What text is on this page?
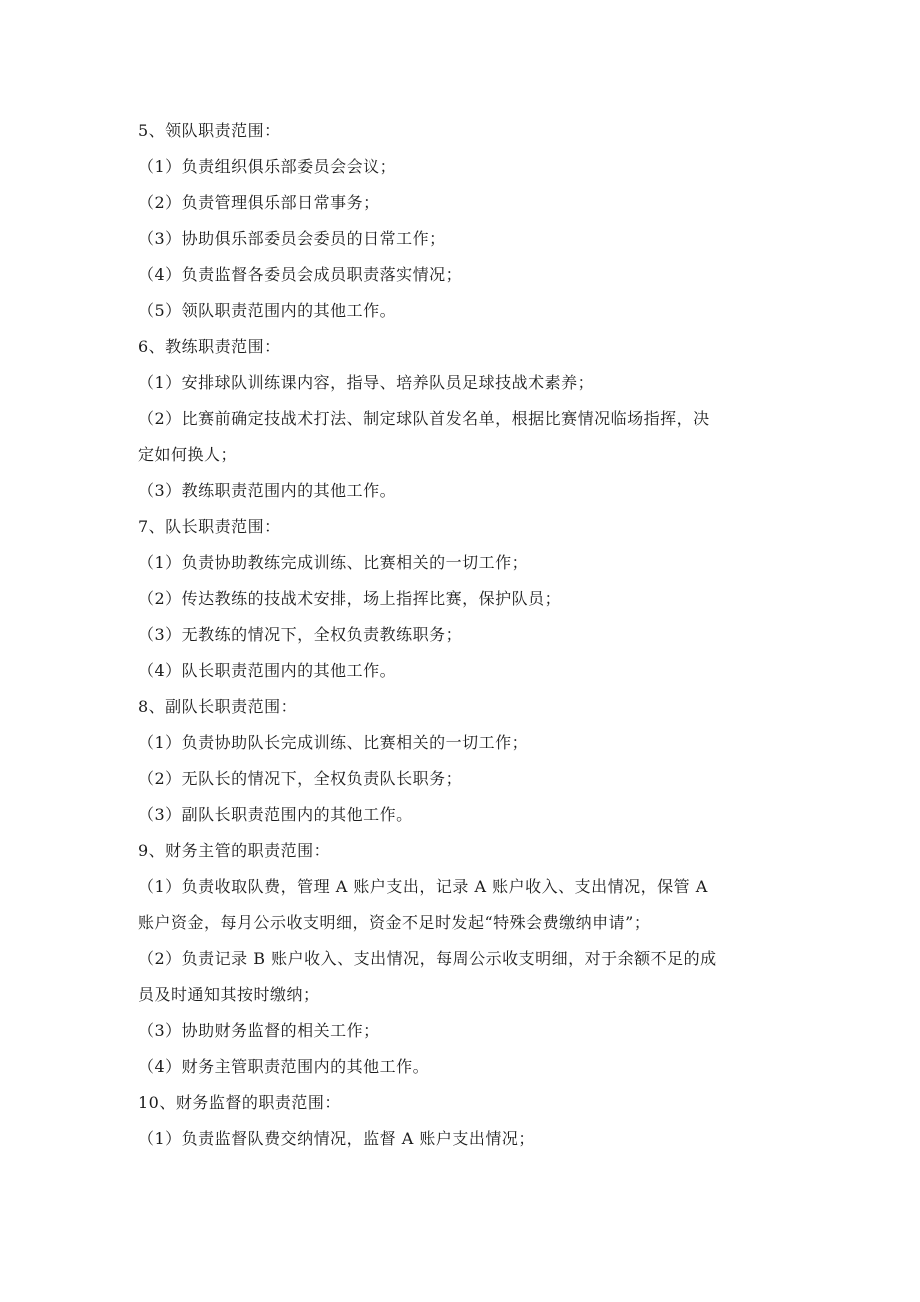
5、领队职责范围：
（1）负责组织俱乐部委员会会议；
（2）负责管理俱乐部日常事务；
（3）协助俱乐部委员会委员的日常工作；
（4）负责监督各委员会成员职责落实情况；
（5）领队职责范围内的其他工作。
6、教练职责范围：
（1）安排球队训练课内容，指导、培养队员足球技战术素养；
（2）比赛前确定技战术打法、制定球队首发名单，根据比赛情况临场指挥，决
定如何换人；
（3）教练职责范围内的其他工作。
7、队长职责范围：
（1）负责协助教练完成训练、比赛相关的一切工作；
（2）传达教练的技战术安排，场上指挥比赛，保护队员；
（3）无教练的情况下，全权负责教练职务；
（4）队长职责范围内的其他工作。
8、副队长职责范围：
（1）负责协助队长完成训练、比赛相关的一切工作；
（2）无队长的情况下，全权负责队长职务；
（3）副队长职责范围内的其他工作。
9、财务主管的职责范围：
（1）负责收取队费，管理 A 账户支出，记录 A 账户收入、支出情况，保管 A
账户资金，每月公示收支明细，资金不足时发起“特殊会费缴纳申请”；
（2）负责记录 B 账户收入、支出情况，每周公示收支明细，对于余额不足的成
员及时通知其按时缴纳；
（3）协助财务监督的相关工作；
（4）财务主管职责范围内的其他工作。
10、财务监督的职责范围：
（1）负责监督队费交纳情况，监督 A 账户支出情况；
